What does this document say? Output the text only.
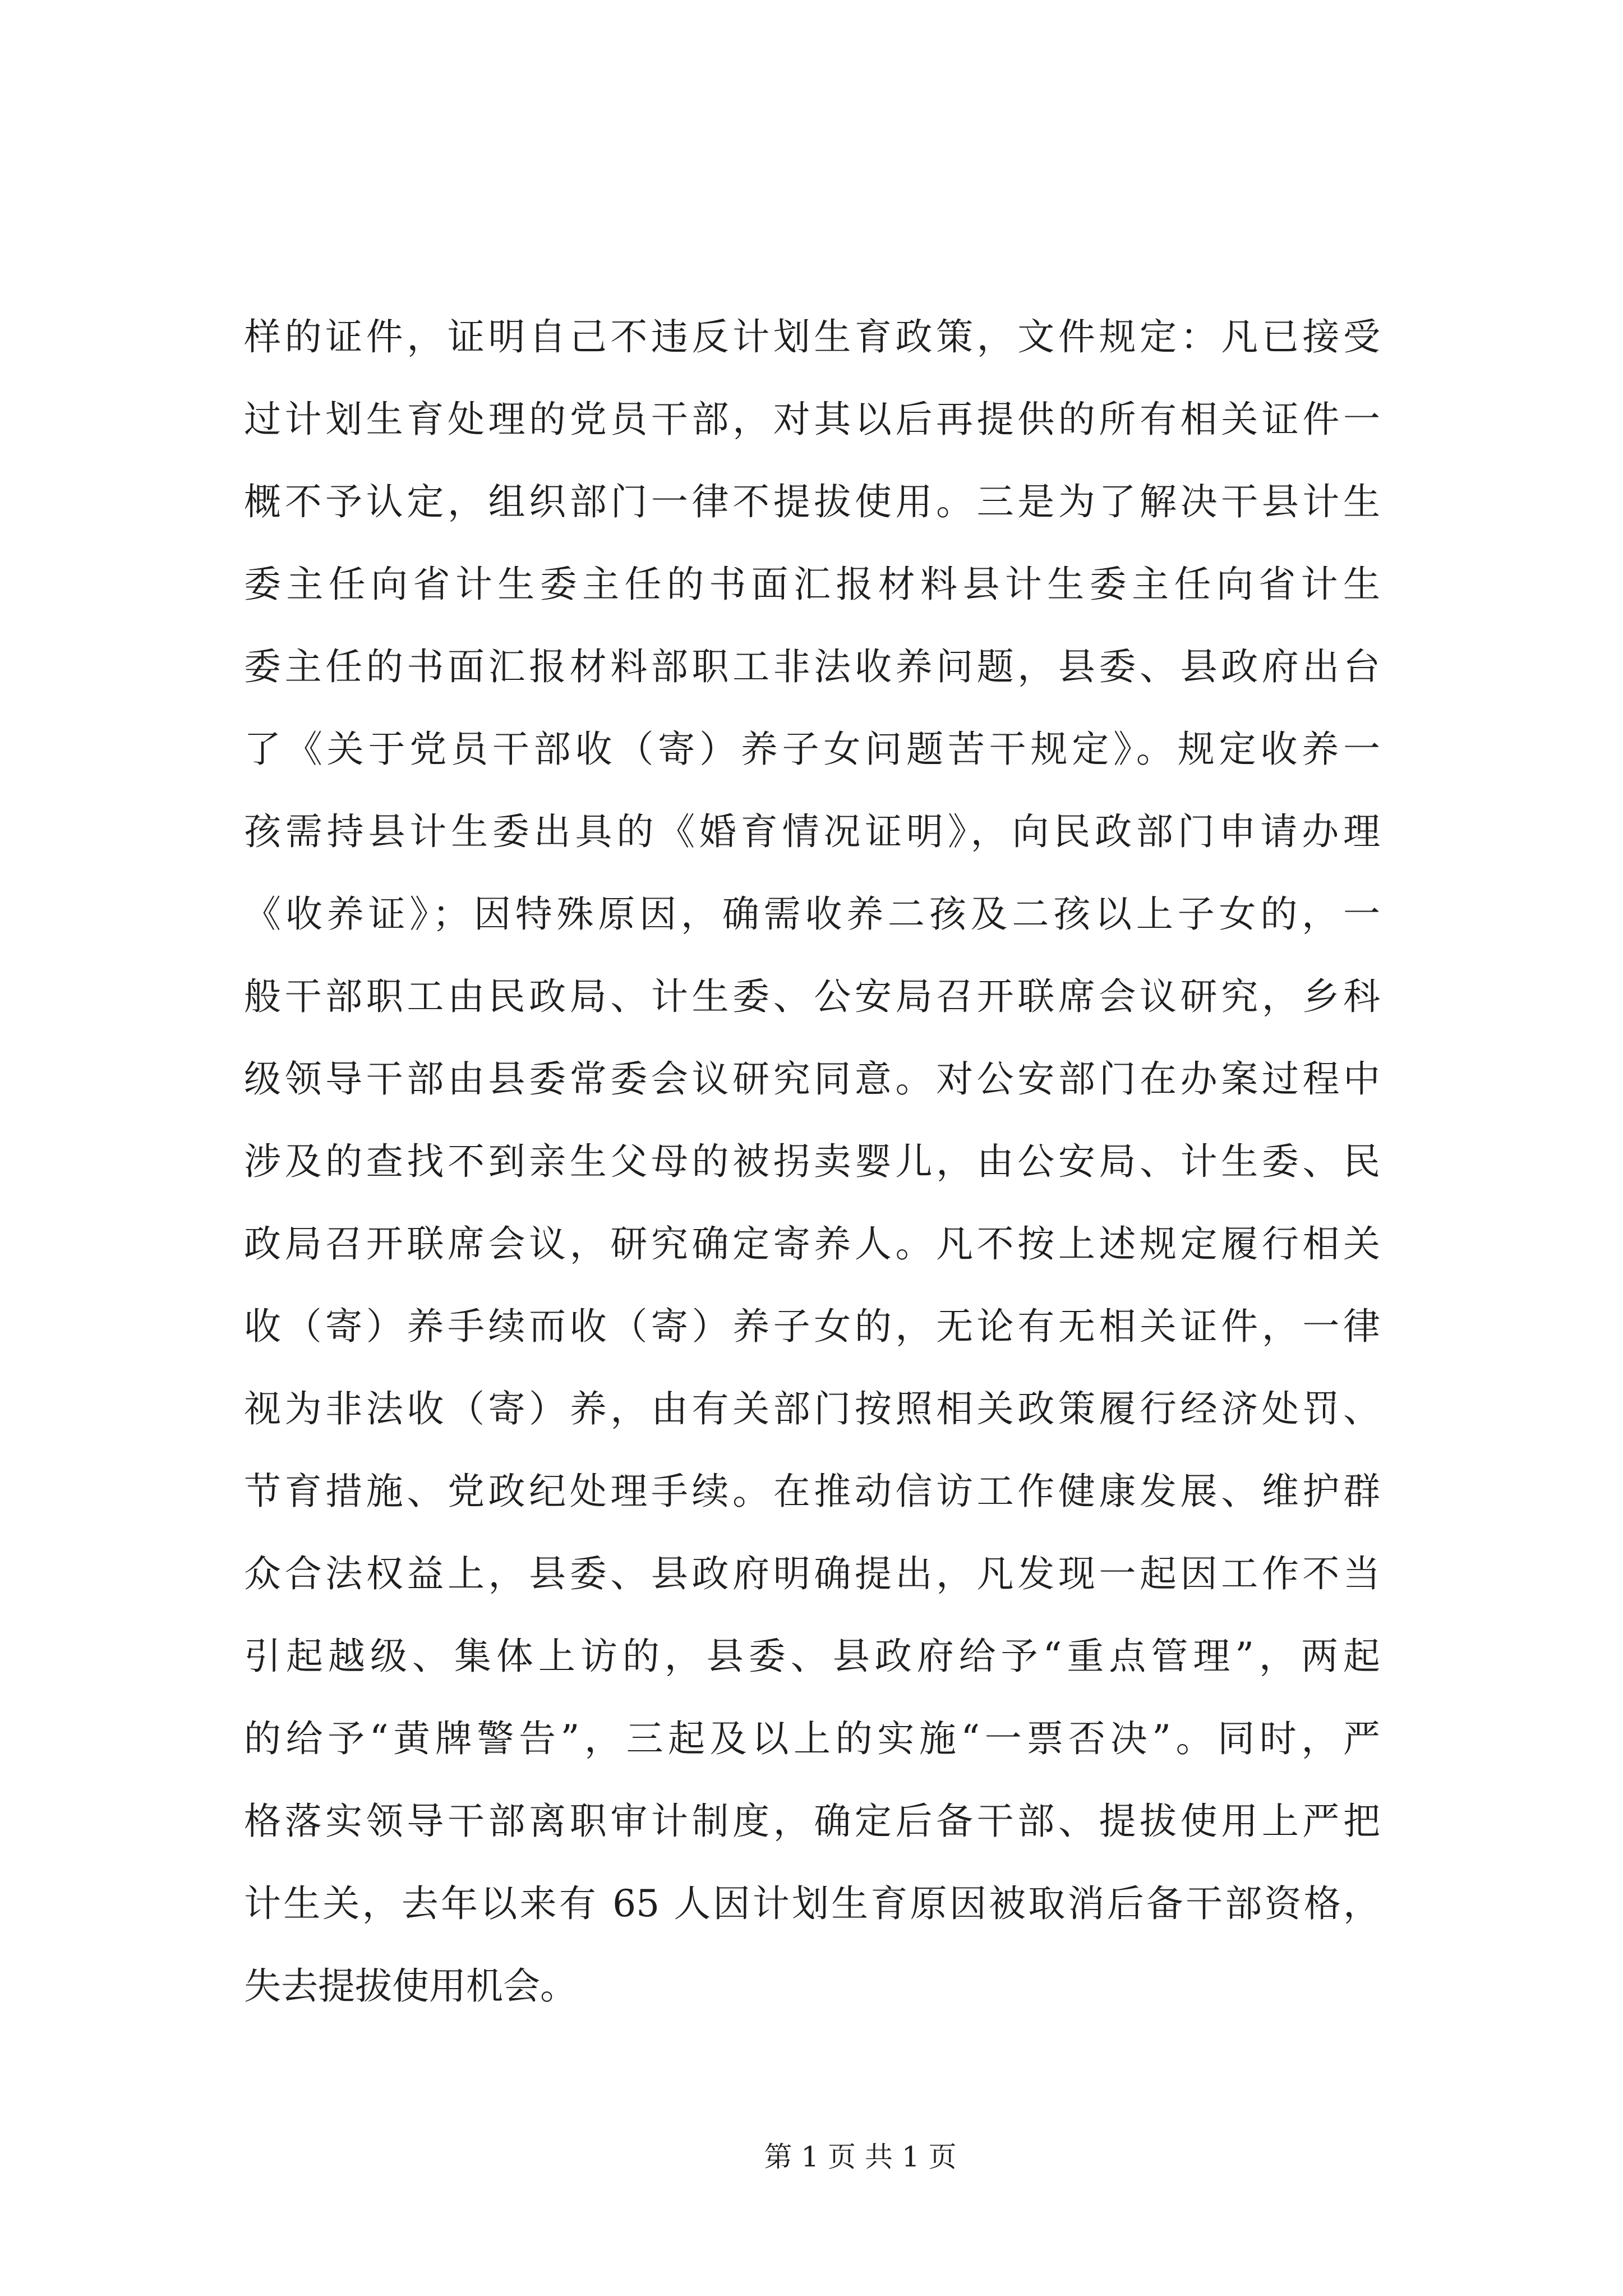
样的证件，证明自己不违反计划生育政策，文件规定：凡已接受
过计划生育处理的党员干部，对其以后再提供的所有相关证件一
概不予认定，组织部门一律不提拔使用。三是为了解决干县计生
委主任向省计生委主任的书面汇报材料县计生委主任向省计生
委主任的书面汇报材料部职工非法收养问题，县委、县政府出台
了《关于党员干部收（寄）养子女问题苦干规定》。规定收养一
孩需持县计生委出具的《婚育情况证明》，向民政部门申请办理
《收养证》；因特殊原因，确需收养二孩及二孩以上子女的，一
般干部职工由民政局、计生委、公安局召开联席会议研究，乡科
级领导干部由县委常委会议研究同意。对公安部门在办案过程中
涉及的查找不到亲生父母的被拐卖婴儿，由公安局、计生委、民
政局召开联席会议，研究确定寄养人。凡不按上述规定履行相关
收（寄）养手续而收（寄）养子女的，无论有无相关证件，一律
视为非法收（寄）养，由有关部门按照相关政策履行经济处罚、
节育措施、党政纪处理手续。在推动信访工作健康发展、维护群
众合法权益上，县委、县政府明确提出，凡发现一起因工作不当
引起越级、集体上访的，县委、县政府给予“重点管理”，两起
的给予“黄牌警告”，三起及以上的实施“一票否决”。同时，严
格落实领导干部离职审计制度，确定后备干部、提拔使用上严把
计生关，去年以来有 65 人因计划生育原因被取消后备干部资格，
失去提拔使用机会。
第 1 页 共 1 页
